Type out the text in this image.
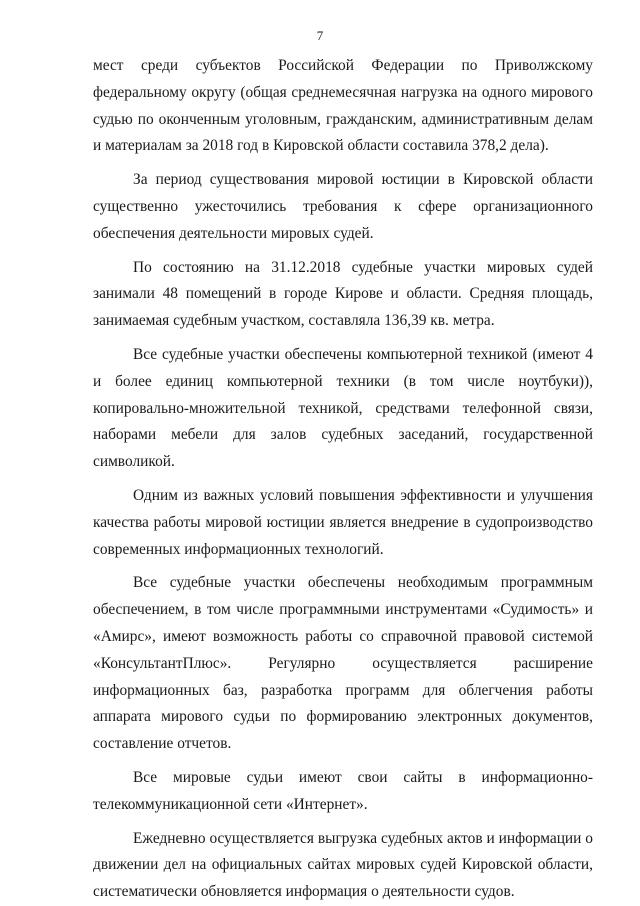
7

мест среди субъектов Российской Федерации по Приволжскому федеральному округу (общая среднемесячная нагрузка на одного мирового судью по оконченным уголовным, гражданским, административным делам и материалам за 2018 год в Кировской области составила 378,2 дела).

За период существования мировой юстиции в Кировской области существенно ужесточились требования к сфере организационного обеспечения деятельности мировых судей.

По состоянию на 31.12.2018 судебные участки мировых судей занимали 48 помещений в городе Кирове и области. Средняя площадь, занимаемая судебным участком, составляла 136,39 кв. метра.

Все судебные участки обеспечены компьютерной техникой (имеют 4 и более единиц компьютерной техники (в том числе ноутбуки)), копировально-множительной техникой, средствами телефонной связи, наборами мебели для залов судебных заседаний, государственной символикой.

Одним из важных условий повышения эффективности и улучшения качества работы мировой юстиции является внедрение в судопроизводство современных информационных технологий.

Все судебные участки обеспечены необходимым программным обеспечением, в том числе программными инструментами «Судимость» и «Амирс», имеют возможность работы со справочной правовой системой «КонсультантПлюс». Регулярно осуществляется расширение информационных баз, разработка программ для облегчения работы аппарата мирового судьи по формированию электронных документов, составление отчетов.

Все мировые судьи имеют свои сайты в информационно-телекоммуникационной сети «Интернет».

Ежедневно осуществляется выгрузка судебных актов и информации о движении дел на официальных сайтах мировых судей Кировской области, систематически обновляется информация о деятельности судов.
